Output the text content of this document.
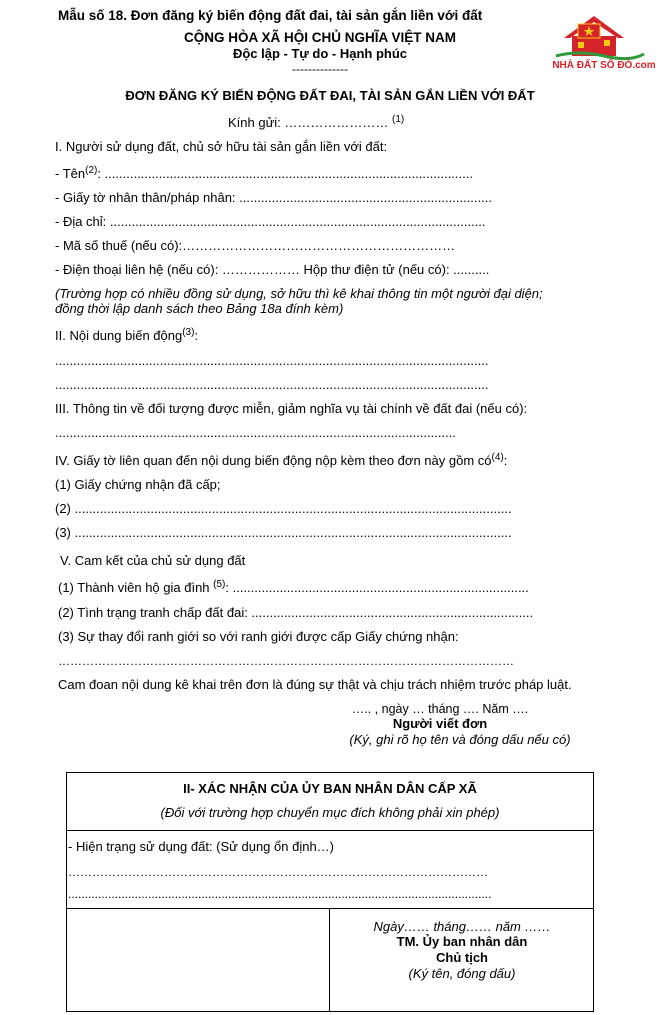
Mẫu số 18. Đơn đăng ký biến động đất đai, tài sản gắn liền với đất
NHÀ ĐẤT SỔ ĐỎ.com
CỘNG HÒA XÃ HỘI CHỦ NGHĨA VIỆT NAM
Độc lập - Tự do - Hạnh phúc
--------------
ĐƠN ĐĂNG KÝ BIẾN ĐỘNG ĐẤT ĐAI, TÀI SẢN GẮN LIỀN VỚI ĐẤT
Kính gửi: …………………… $^{(1)}$
I. Người sử dụng đất, chủ sở hữu tài sản gắn liền với đất:
- Tên$^{(2)}$: ......................................................................................................
- Giấy tờ nhân thân/pháp nhân: ......................................................................
- Địa chỉ: ........................................................................................................
- Mã số thuế (nếu có):………………………………………………………
- Điện thoại liên hệ (nếu có): ……………… Hộp thư điện tử (nếu có): ..........
(Trường hợp có nhiều đồng sử dụng, sở hữu thì kê khai thông tin một người đại diện;
đồng thời lập danh sách theo Bảng 18a đính kèm)
II. Nội dung biến động$^{(3)}$:
........................................................................................................................
........................................................................................................................
III. Thông tin về đối tượng được miễn, giảm nghĩa vụ tài chính về đất đai (nếu có):
...............................................................................................................
IV. Giấy tờ liên quan đến nội dung biến động nộp kèm theo đơn này gồm $có^{(4)}$:
(1) Giấy chứng nhận đã cấp;
(2) .........................................................................................................................
(3) .........................................................................................................................
V. Cam kết của chủ sử dụng đất
(1) Thành viên hộ gia đình $^{(5)}$: ..................................................................................
(2) Tình trạng tranh chấp đất đai: ..............................................................................
(3) Sự thay đổi ranh giới so với ranh giới được cấp Giấy chứng nhận:
……………………………………………………………………………………………………
Cam đoan nội dung kê khai trên đơn là đúng sự thật và chịu trách nhiệm trước pháp luật.
….. , ngày … tháng …. Năm ….
Người viết đơn
(Ký, ghi rõ họ tên và đóng dấu nếu có)
II- XÁC NHẬN CỦA ỦY BAN NHÂN DÂN CẤP XÃ
(Đối với trường hợp chuyển mục đích không phải xin phép)
- Hiện trạng sử dụng đất: (Sử dụng ổn định…)
……………………………………………………………………………………………
...............................................................................................................................
Ngày…… tháng…… năm ……
TM. Ủy ban nhân dân
Chủ tịch
(Ký tên, đóng dấu)
